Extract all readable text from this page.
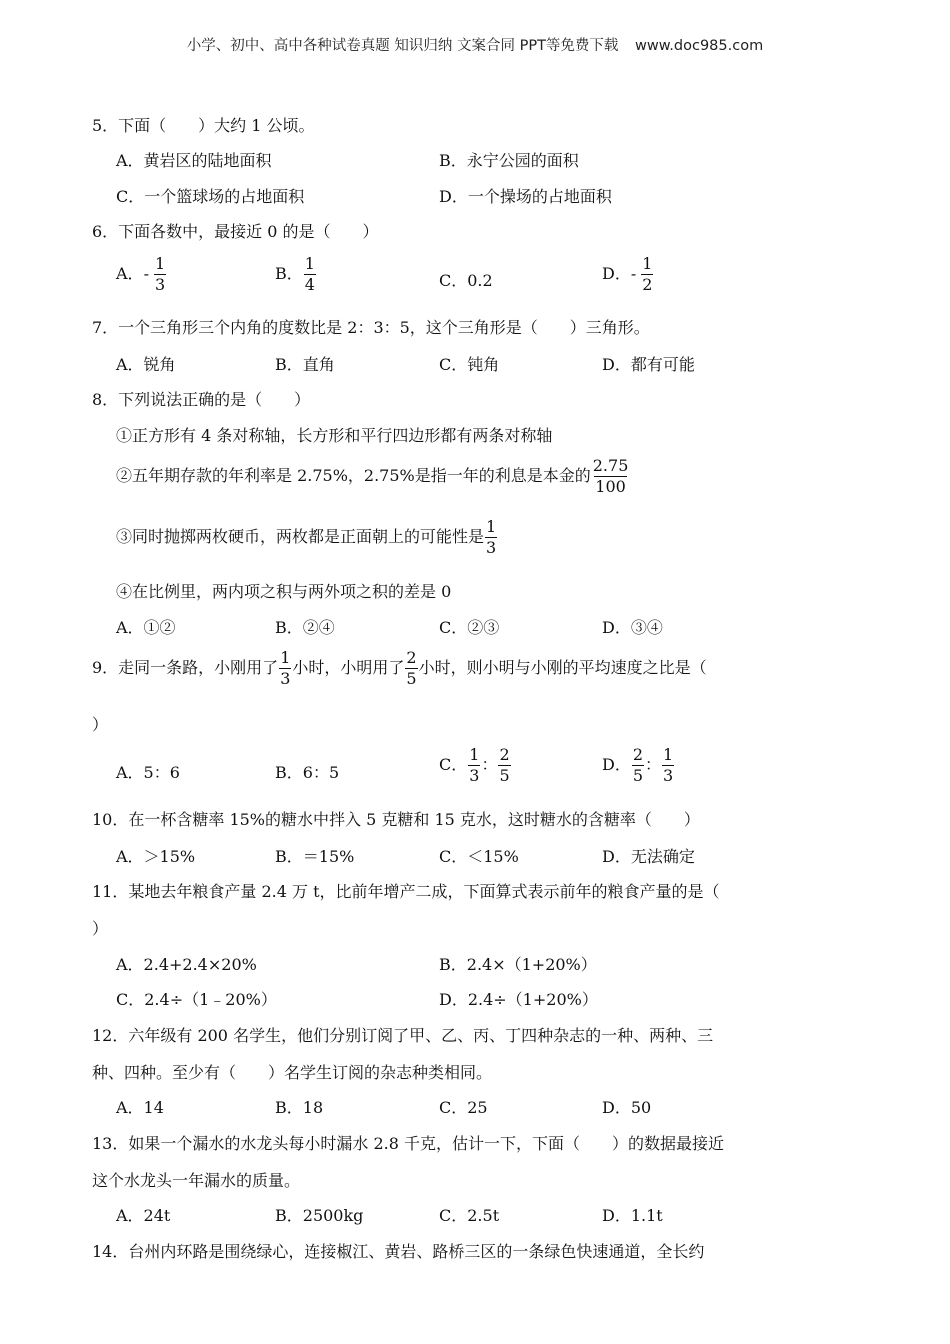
小学、初中、高中各种试卷真题 知识归纳 文案合同 PPT等免费下载 www.doc985.com
5．下面（　　）大约 1 公顷。
A．黄岩区的陆地面积	B．永宁公园的面积
C．一个篮球场的占地面积	D．一个操场的占地面积
6．下面各数中，最接近 0 的是（　　）
A．- $\frac{1}{3}$	B． $\frac{1}{4}$	C．0.2	D．- $\frac{1}{2}$
7．一个三角形三个内角的度数比是 2：3：5，这个三角形是（　　）三角形。
A．锐角	B．直角	C．钝角	D．都有可能
8．下列说法正确的是（　　）
①正方形有 4 条对称轴，长方形和平行四边形都有两条对称轴
②五年期存款的年利率是 2.75%，2.75%是指一年的利息是本金的 $\frac{2.75}{100}$
③同时抛掷两枚硬币，两枚都是正面朝上的可能性是 $\frac{1}{3}$
④在比例里，两内项之积与两外项之积的差是 0
A．①②	B．②④	C．②③	D．③④
9．走同一条路，小刚用了 $\frac{1}{3}$ 小时，小明用了 $\frac{2}{5}$ 小时，则小明与小刚的平均速度之比是（
）
A．5：6	B．6：5	C． $\frac{1}{3}$ ： $\frac{2}{5}$	D． $\frac{2}{5}$ ： $\frac{1}{3}$
10．在一杯含糖率 15%的糖水中拌入 5 克糖和 15 克水，这时糖水的含糖率（　　）
A．＞15%	B．＝15%	C．＜15%	D．无法确定
11．某地去年粮食产量 2.4 万 t，比前年增产二成，下面算式表示前年的粮食产量的是（
）
A．2.4+2.4×20%	B．2.4×（1+20%）
C．2.4÷（1﹣20%）	D．2.4÷（1+20%）
12．六年级有 200 名学生，他们分别订阅了甲、乙、丙、丁四种杂志的一种、两种、三
种、四种。至少有（　　）名学生订阅的杂志种类相同。
A．14	B．18	C．25	D．50
13．如果一个漏水的水龙头每小时漏水 2.8 千克，估计一下，下面（　　）的数据最接近
这个水龙头一年漏水的质量。
A．24t	B．2500kg	C．2.5t	D．1.1t
14．台州内环路是围绕绿心，连接椒江、黄岩、路桥三区的一条绿色快速通道，全长约
